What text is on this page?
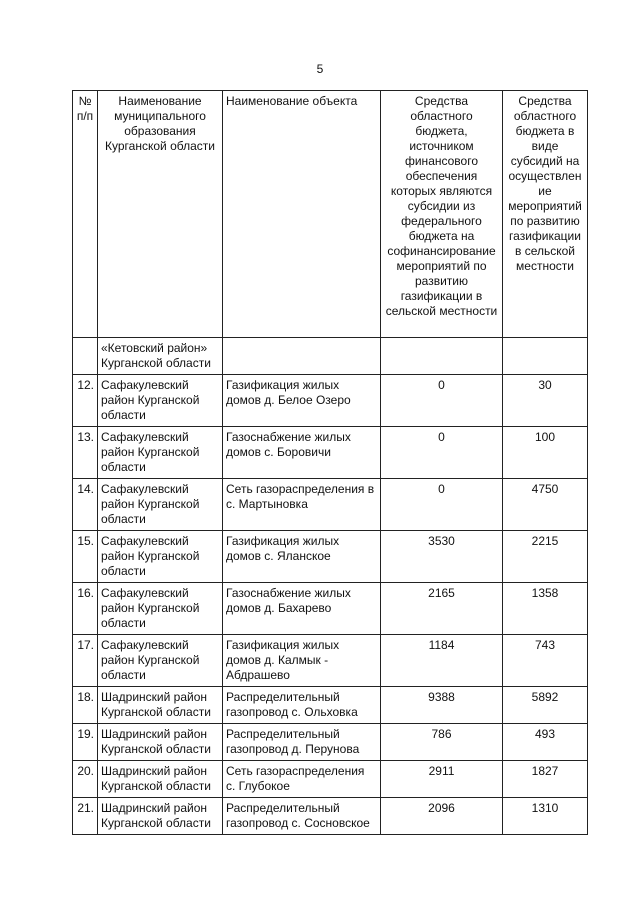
5
№ п/п	Наименование муниципального образования Курганской области	Наименование объекта	Средства областного бюджета, источником финансового обеспечения которых являются субсидии из федерального бюджета на софинансирование мероприятий по развитию газификации в сельской местности	Средства областного бюджета в виде субсидий на осуществление мероприятий по развитию газификации в сельской местности
	«Кетовский район» Курганской области			
12.	Сафакулевский район Курганской области	Газификация жилых домов д. Белое Озеро	0	30
13.	Сафакулевский район Курганской области	Газоснабжение жилых домов с. Боровичи	0	100
14.	Сафакулевский район Курганской области	Сеть газораспределения в с. Мартыновка	0	4750
15.	Сафакулевский район Курганской области	Газификация жилых домов с. Яланское	3530	2215
16.	Сафакулевский район Курганской области	Газоснабжение жилых домов д. Бахарево	2165	1358
17.	Сафакулевский район Курганской области	Газификация жилых домов д. Калмык - Абдрашево	1184	743
18.	Шадринский район Курганской области	Распределительный газопровод с. Ольховка	9388	5892
19.	Шадринский район Курганской области	Распределительный газопровод д. Перунова	786	493
20.	Шадринский район Курганской области	Сеть газораспределения с. Глубокое	2911	1827
21.	Шадринский район Курганской области	Распределительный газопровод с. Сосновское	2096	1310
